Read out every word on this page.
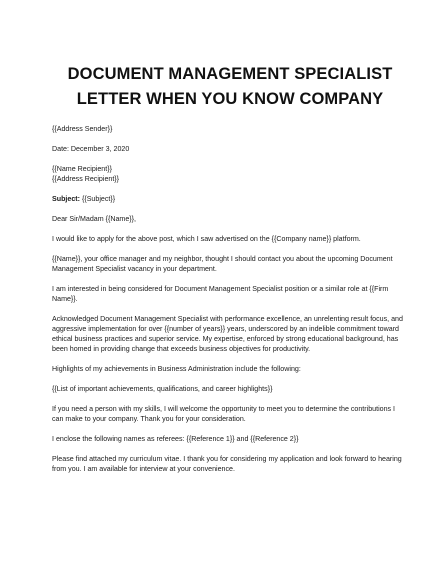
DOCUMENT MANAGEMENT SPECIALIST
LETTER WHEN YOU KNOW COMPANY

{{Address Sender}}

Date: December 3, 2020

{{Name Recipient}}

{{Address Recipient}}

Subject: {{Subject}}

Dear Sir/Madam {{Name}},

I would like to apply for the above post, which I saw advertised on the {{Company name}} platform.

{{Name}}, your office manager and my neighbor, thought I should contact you about the upcoming Document Management Specialist vacancy in your department.

I am interested in being considered for Document Management Specialist position or a similar role at {{Firm Name}}.

Acknowledged Document Management Specialist with performance excellence, an unrelenting result focus, and aggressive implementation for over {{number of years}} years, underscored by an indelible commitment toward ethical business practices and superior service. My expertise, enforced by strong educational background, has been homed in providing change that exceeds business objectives for productivity.

Highlights of my achievements in Business Administration include the following:

{{List of important achievements, qualifications, and career highlights}}

If you need a person with my skills, I will welcome the opportunity to meet you to determine the contributions I can make to your company. Thank you for your consideration.

I enclose the following names as referees: {{Reference 1}} and {{Reference 2}}

Please find attached my curriculum vitae. I thank you for considering my application and look forward to hearing from you. I am available for interview at your convenience.
